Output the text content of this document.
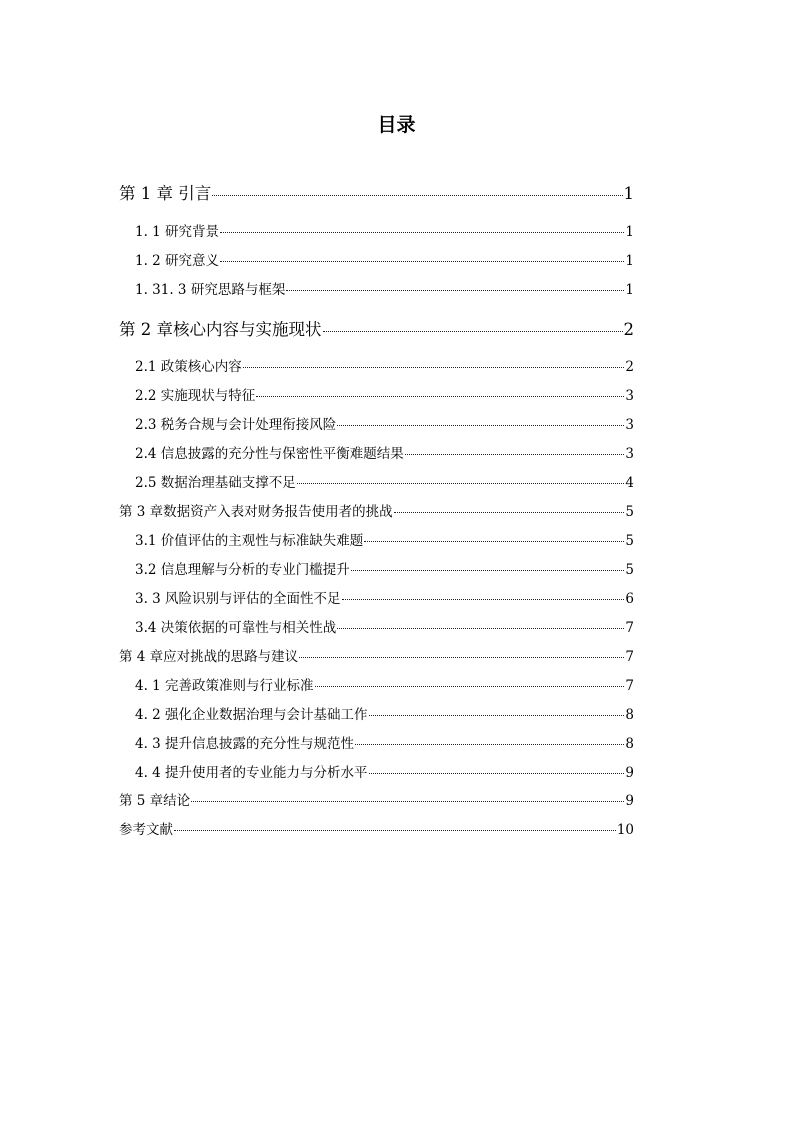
目录
第 1 章 引言	1
1. 1 研究背景	1
1. 2 研究意义	1
1. 31. 3 研究思路与框架	1
第 2 章核心内容与实施现状	2
2.1 政策核心内容	2
2.2 实施现状与特征	3
2.3 税务合规与会计处理衔接风险	3
2.4 信息披露的充分性与保密性平衡难题结果	3
2.5 数据治理基础支撑不足	4
第 3 章数据资产入表对财务报告使用者的挑战	5
3.1 价值评估的主观性与标准缺失难题	5
3.2 信息理解与分析的专业门槛提升	5
3. 3 风险识别与评估的全面性不足	6
3.4 决策依据的可靠性与相关性战	7
第 4 章应对挑战的思路与建议	7
4. 1 完善政策准则与行业标准	7
4. 2 强化企业数据治理与会计基础工作	8
4. 3 提升信息披露的充分性与规范性	8
4. 4 提升使用者的专业能力与分析水平	9
第 5 章结论	9
参考文献	10
